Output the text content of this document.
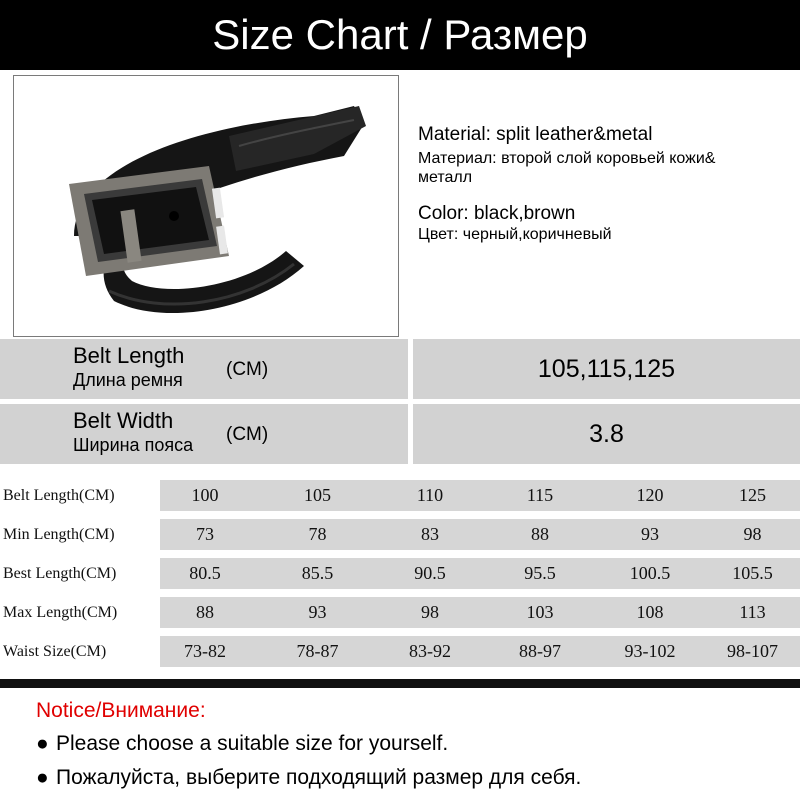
Size Chart / Размер
Material: split leather&metal
Материал: второй слой коровьей кожи&
металл
Color: black,brown
Цвет: черный,коричневый
Belt Length
Длина ремня (CM)	105,115,125
Belt Width
Ширина пояса (CM)	3.8
Belt Length(CM)	100	105	110	115	120	125
Min Length(CM)	73	78	83	88	93	98
Best Length(CM)	80.5	85.5	90.5	95.5	100.5	105.5
Max Length(CM)	88	93	98	103	108	113
Waist Size(CM)	73-82	78-87	83-92	88-97	93-102	98-107
Notice/Внимание:
● Please choose a suitable size for yourself.
● Пожалуйста, выберите подходящий размер для себя.
